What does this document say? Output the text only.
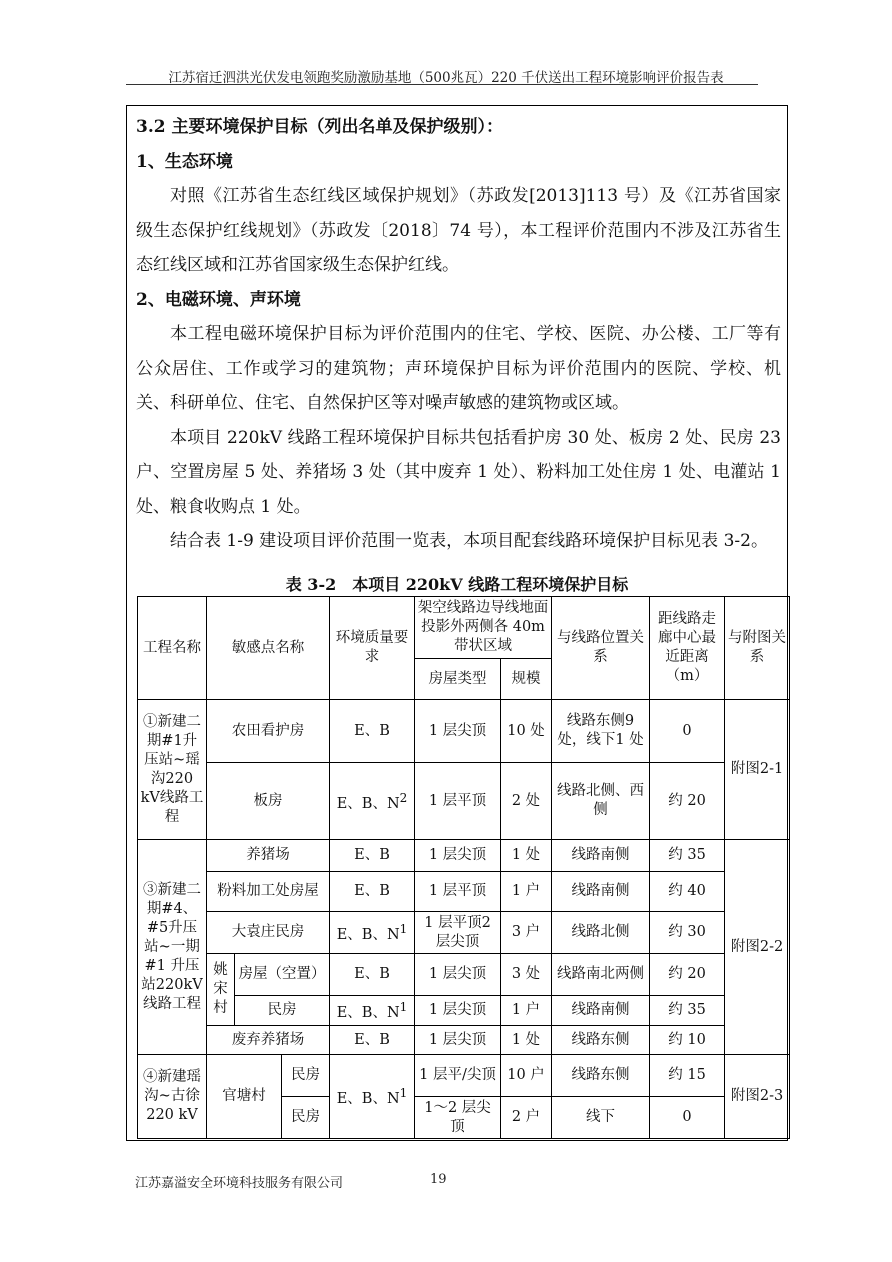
江苏宿迁泗洪光伏发电领跑奖励激励基地（500兆瓦）220 千伏送出工程环境影响评价报告表

3.2 主要环境保护目标（列出名单及保护级别）：

1、生态环境

对照《江苏省生态红线区域保护规划》（苏政发[2013]113 号）及《江苏省国家级生态保护红线规划》（苏政发〔2018〕74 号），本工程评价范围内不涉及江苏省生态红线区域和江苏省国家级生态保护红线。

2、电磁环境、声环境

本工程电磁环境保护目标为评价范围内的住宅、学校、医院、办公楼、工厂等有公众居住、工作或学习的建筑物；声环境保护目标为评价范围内的医院、学校、机关、科研单位、住宅、自然保护区等对噪声敏感的建筑物或区域。

本项目 220kV 线路工程环境保护目标共包括看护房 30 处、板房 2 处、民房 23 户、空置房屋 5 处、养猪场 3 处（其中废弃 1 处）、粉料加工处住房 1 处、电灌站 1 处、粮食收购点 1 处。

结合表 1-9 建设项目评价范围一览表，本项目配套线路环境保护目标见表 3-2。

表 3-2　本项目 220kV 线路工程环境保护目标
工程名称	敏感点名称			环境质量要求	架空线路边导线地面投影外两侧各 40m 带状区域		与线路位置关系	距线路走廊中心最近距离（m）	与附图关系
					房屋类型	规模			
①新建二期#1升压站~瑶沟220 kV线路工程	农田看护房			E、B	1 层尖顶	10 处	线路东侧9 处，线下1 处	0	附图2-1
	板房			E、B、$N^2$	1 层平顶	2 处	线路北侧、西侧	约 20	
③新建二期#4、#5升压站~一期#1 升压站220kV线路工程	养猪场			E、B	1 层尖顶	1 处	线路南侧	约 35	附图2-2
	粉料加工处房屋			E、B	1 层平顶	1 户	线路南侧	约 40	
	大袁庄民房			E、B、$N^1$	1 层平顶2 层尖顶	3 户	线路北侧	约 30	
	姚宋村	房屋（空置）		E、B	1 层尖顶	3 处	线路南北两侧	约 20	
		民房		E、B、$N^1$	1 层尖顶	1 户	线路南侧	约 35	
	废弃养猪场			E、B	1 层尖顶	1 处	线路东侧	约 10	
④新建瑶沟~古徐220 kV	官塘村		民房	E、B、$N^1$	1 层平/尖顶	10 户	线路东侧	约 15	附图2-3
			民房		1～2 层尖顶	2 户	线下	0	
江苏嘉溢安全环境科技服务有限公司	19
